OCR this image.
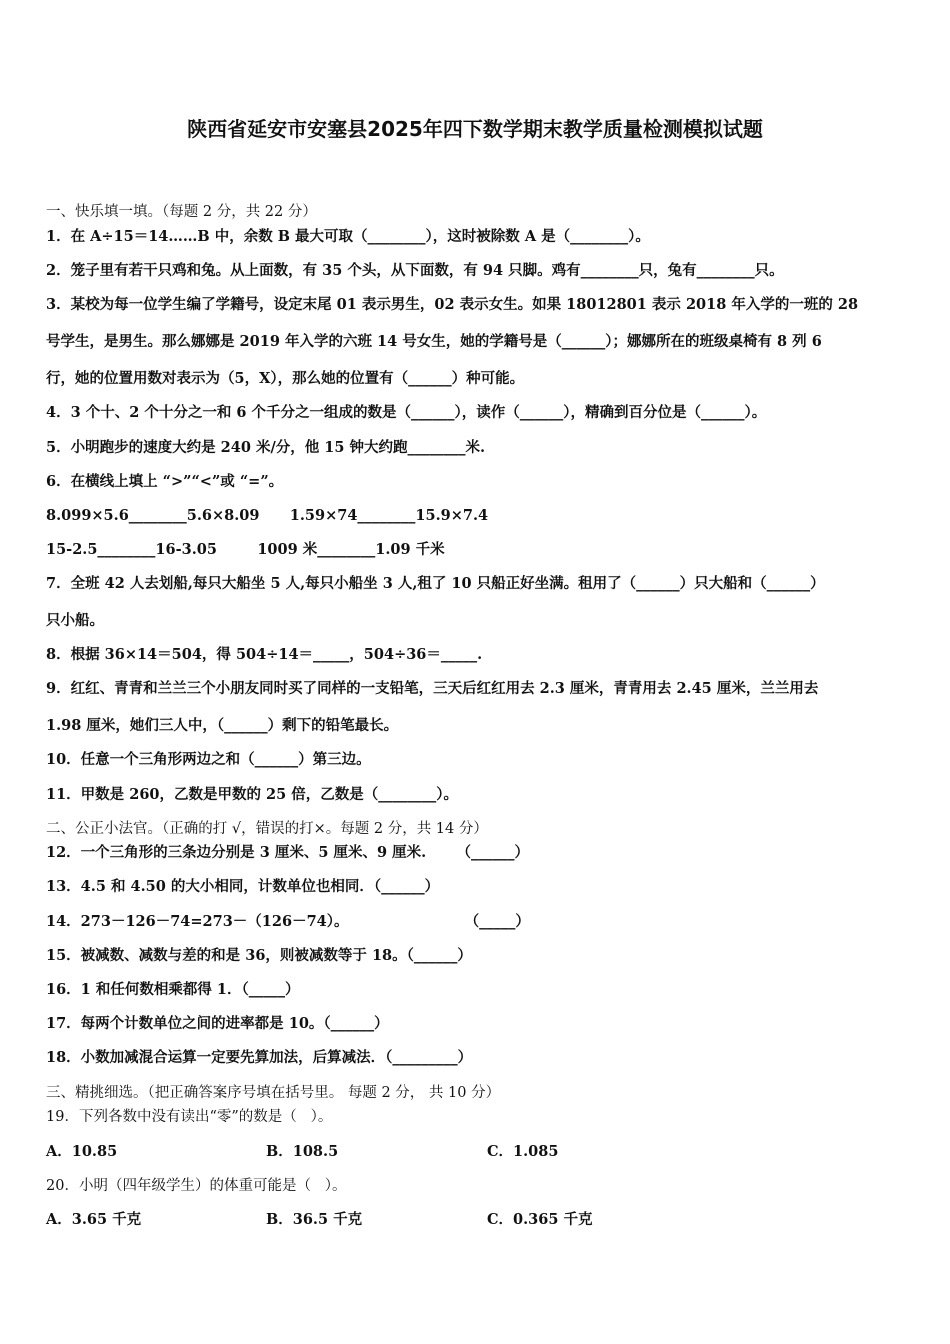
陕西省延安市安塞县2025年四下数学期末教学质量检测模拟试题
一、快乐填一填。（每题 2 分，共 22 分）
1．在 A÷15＝14……B 中，余数 B 最大可取（________），这时被除数 A 是（________）。
2．笼子里有若干只鸡和兔。从上面数，有 35 个头，从下面数，有 94 只脚。鸡有________只，兔有________只。
3．某校为每一位学生编了学籍号，设定末尾 01 表示男生，02 表示女生。如果 18012801 表示 2018 年入学的一班的 28
号学生，是男生。那么娜娜是 2019 年入学的六班 14 号女生，她的学籍号是（______）；娜娜所在的班级桌椅有 8 列 6
行，她的位置用数对表示为（5，X），那么她的位置有（______）种可能。
4．3 个十、2 个十分之一和 6 个千分之一组成的数是（______），读作（______），精确到百分位是（______）。
5．小明跑步的速度大约是 240 米/分，他 15 钟大约跑________米.
6．在横线上填上 “>”“<”或 “=”。
8.099×5.6________5.6×8.09      1.59×74________15.9×7.4
15-2.5________16-3.05        1009 米________1.09 千米
7．全班 42 人去划船,每只大船坐 5 人,每只小船坐 3 人,租了 10 只船正好坐满。租用了（______）只大船和（______）
只小船。
8．根据 36×14＝504，得 504÷14＝_____，504÷36＝_____.
9．红红、青青和兰兰三个小朋友同时买了同样的一支铅笔，三天后红红用去 2.3 厘米，青青用去 2.45 厘米，兰兰用去
1.98 厘米，她们三人中，（______）剩下的铅笔最长。
10．任意一个三角形两边之和（______）第三边。
11．甲数是 260，乙数是甲数的 25 倍，乙数是（________）。
二、公正小法官。（正确的打 √，错误的打×。每题 2 分，共 14 分）
12．一个三角形的三条边分别是 3 厘米、5 厘米、9 厘米.      （______）
13．4.5 和 4.50 的大小相同，计数单位也相同．（______）
14．273－126－74=273－（126－74）。                       （_____）
15．被减数、减数与差的和是 36，则被减数等于 18。（______）
16．1 和任何数相乘都得 1．（_____）
17．每两个计数单位之间的进率都是 10。（______）
18．小数加减混合运算一定要先算加法，后算减法．（_________）
三、精挑细选。（把正确答案序号填在括号里。 每题 2 分， 共 10 分）
19．下列各数中没有读出“零”的数是（   ）。
A．10.85	B．108.5	C．1.085
20．小明（四年级学生）的体重可能是（   ）。
A．3.65 千克	B．36.5 千克	C．0.365 千克
